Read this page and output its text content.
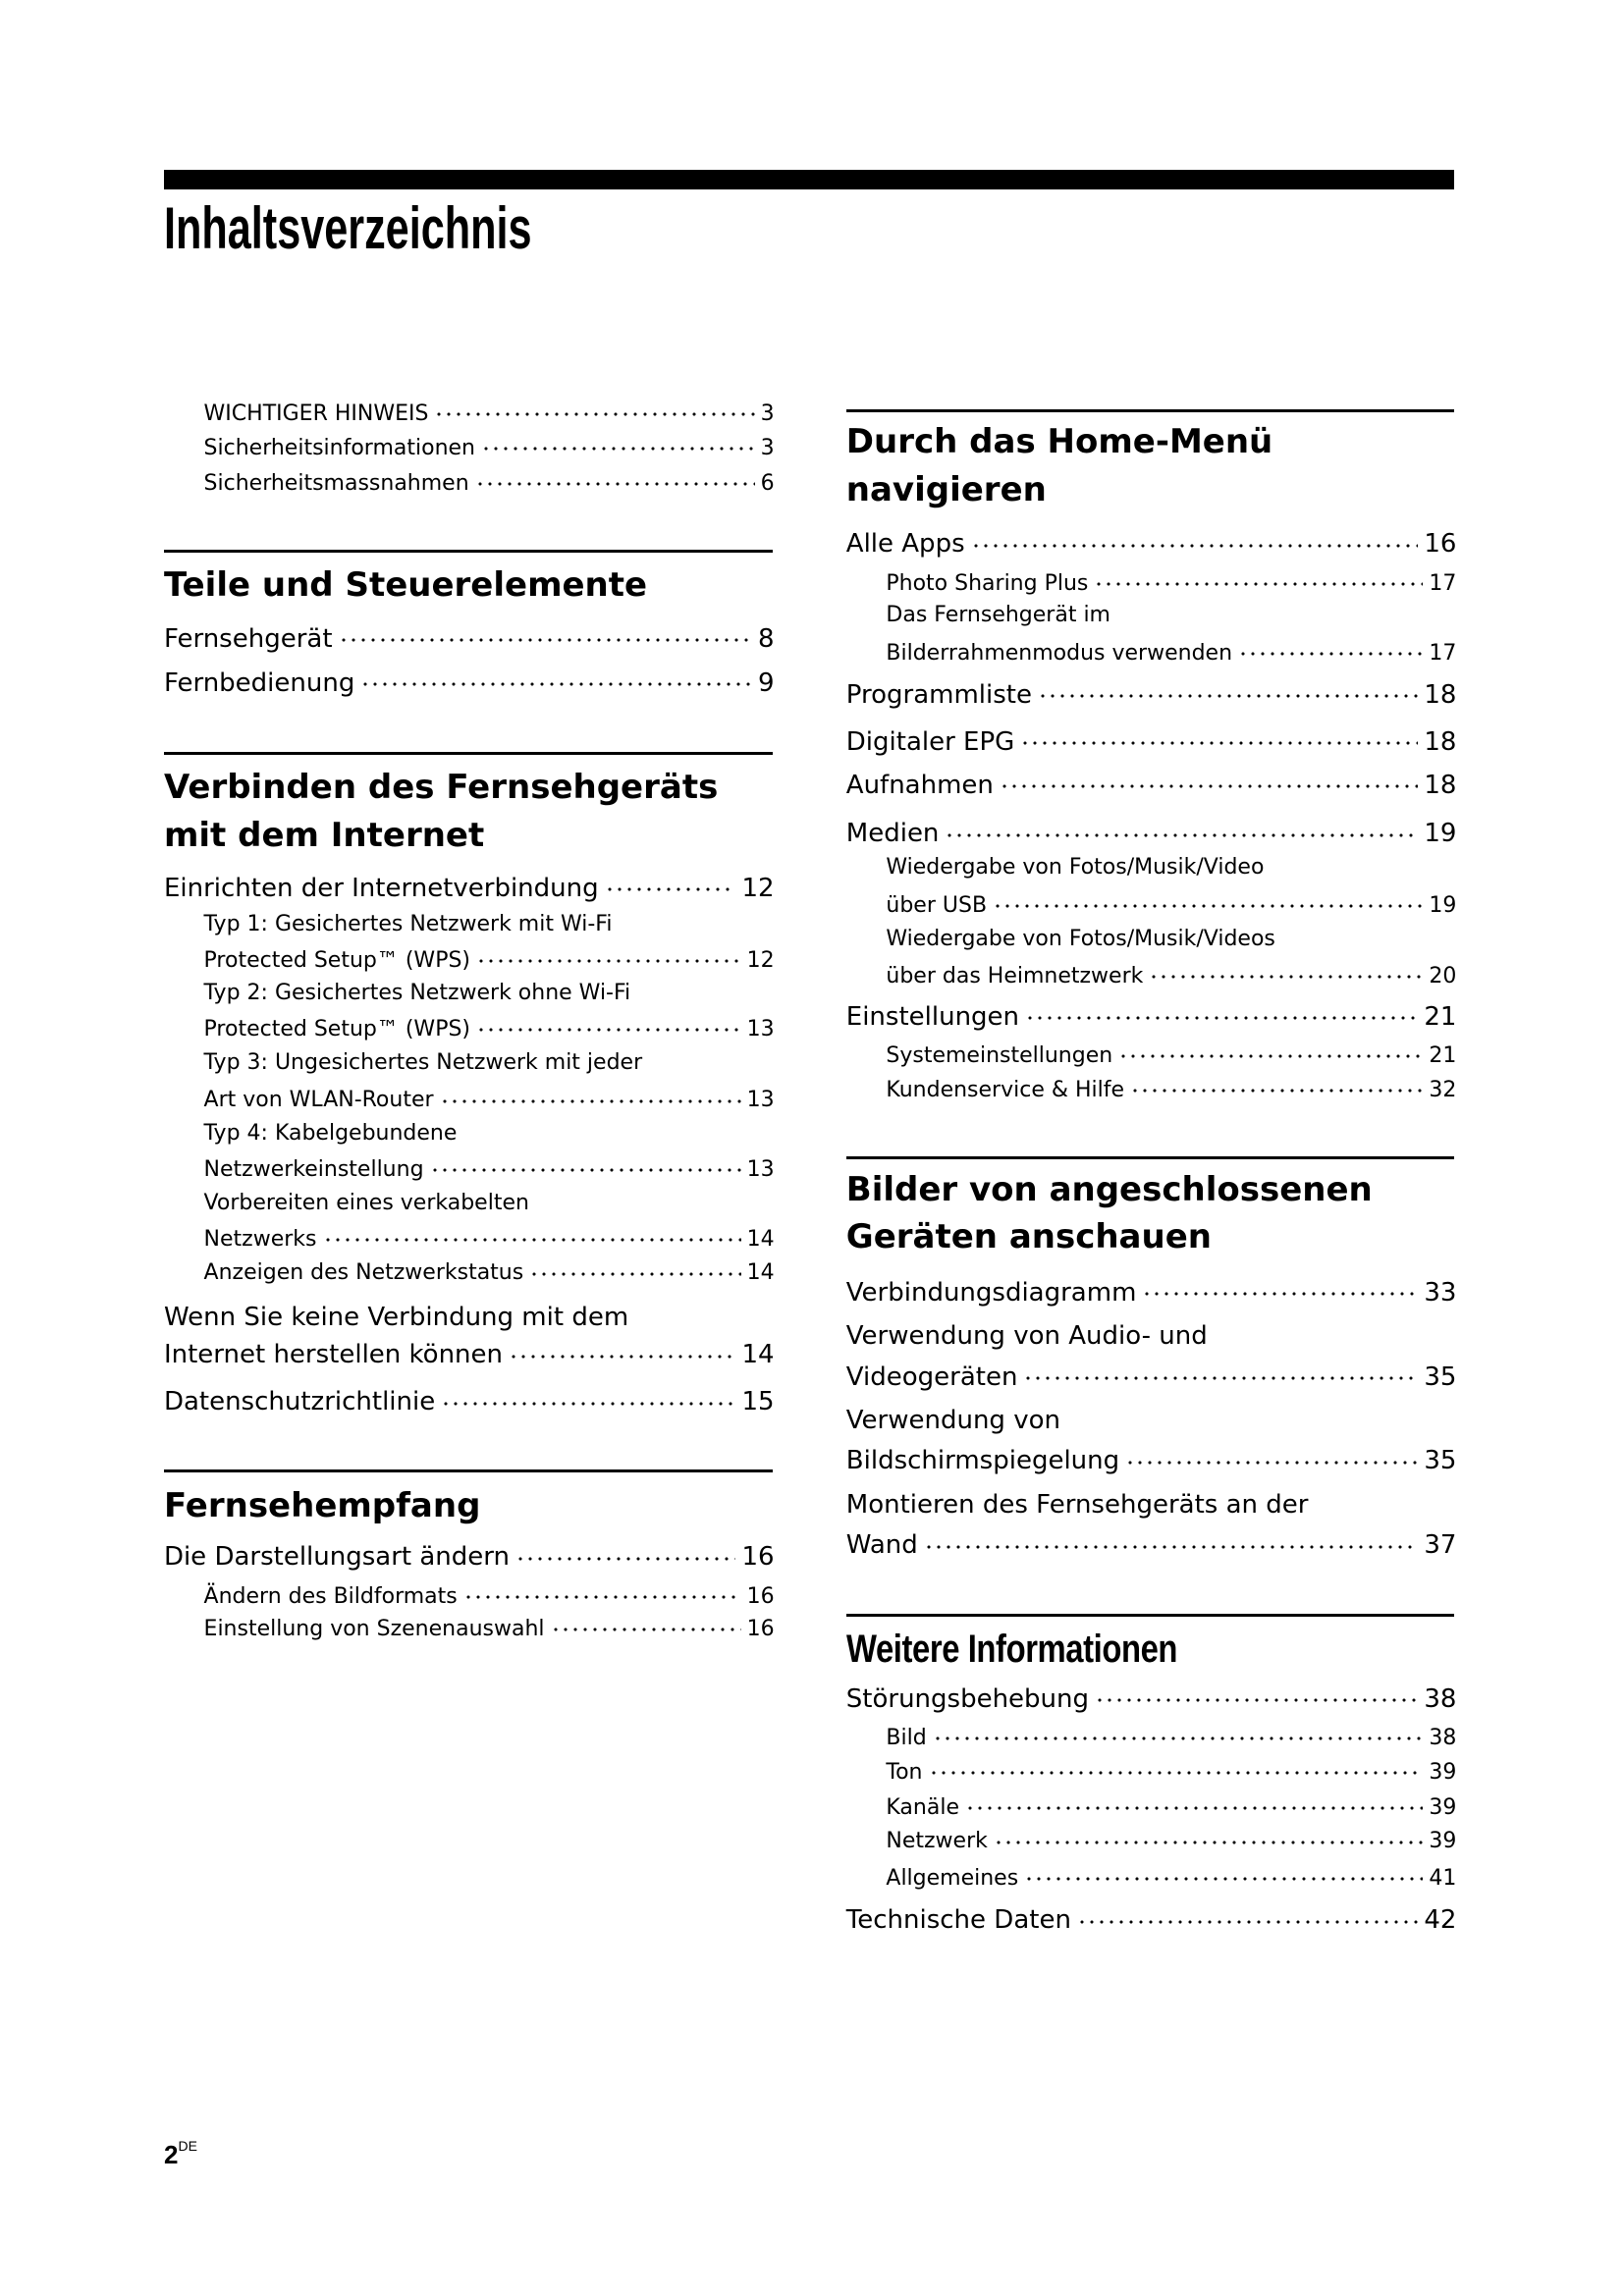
Inhaltsverzeichnis
WICHTIGER HINWEIS	3
Sicherheitsinformationen	3
Sicherheitsmassnahmen	6
Teile und Steuerelemente
Fernsehgerät	8
Fernbedienung	9
Verbinden des Fernsehgeräts
mit dem Internet
Einrichten der Internetverbindung	12
Typ 1: Gesichertes Netzwerk mit Wi-Fi
Protected Setup™ (WPS)	12
Typ 2: Gesichertes Netzwerk ohne Wi-Fi
Protected Setup™ (WPS)	13
Typ 3: Ungesichertes Netzwerk mit jeder
Art von WLAN-Router	13
Typ 4: Kabelgebundene
Netzwerkeinstellung	13
Vorbereiten eines verkabelten
Netzwerks	14
Anzeigen des Netzwerkstatus	14
Wenn Sie keine Verbindung mit dem
Internet herstellen können	14
Datenschutzrichtlinie	15
Fernsehempfang
Die Darstellungsart ändern	16
Ändern des Bildformats	16
Einstellung von Szenenauswahl	16
Durch das Home-Menü
navigieren
Alle Apps	16
Photo Sharing Plus	17
Das Fernsehgerät im
Bilderrahmenmodus verwenden	17
Programmliste	18
Digitaler EPG	18
Aufnahmen	18
Medien	19
Wiedergabe von Fotos/Musik/Video
über USB	19
Wiedergabe von Fotos/Musik/Videos
über das Heimnetzwerk	20
Einstellungen	21
Systemeinstellungen	21
Kundenservice & Hilfe	32
Bilder von angeschlossenen
Geräten anschauen
Verbindungsdiagramm	33
Verwendung von Audio- und
Videogeräten	35
Verwendung von
Bildschirmspiegelung	35
Montieren des Fernsehgeräts an der
Wand	37
Weitere Informationen
Störungsbehebung	38
Bild	38
Ton	39
Kanäle	39
Netzwerk	39
Allgemeines	41
Technische Daten	42
2DE
